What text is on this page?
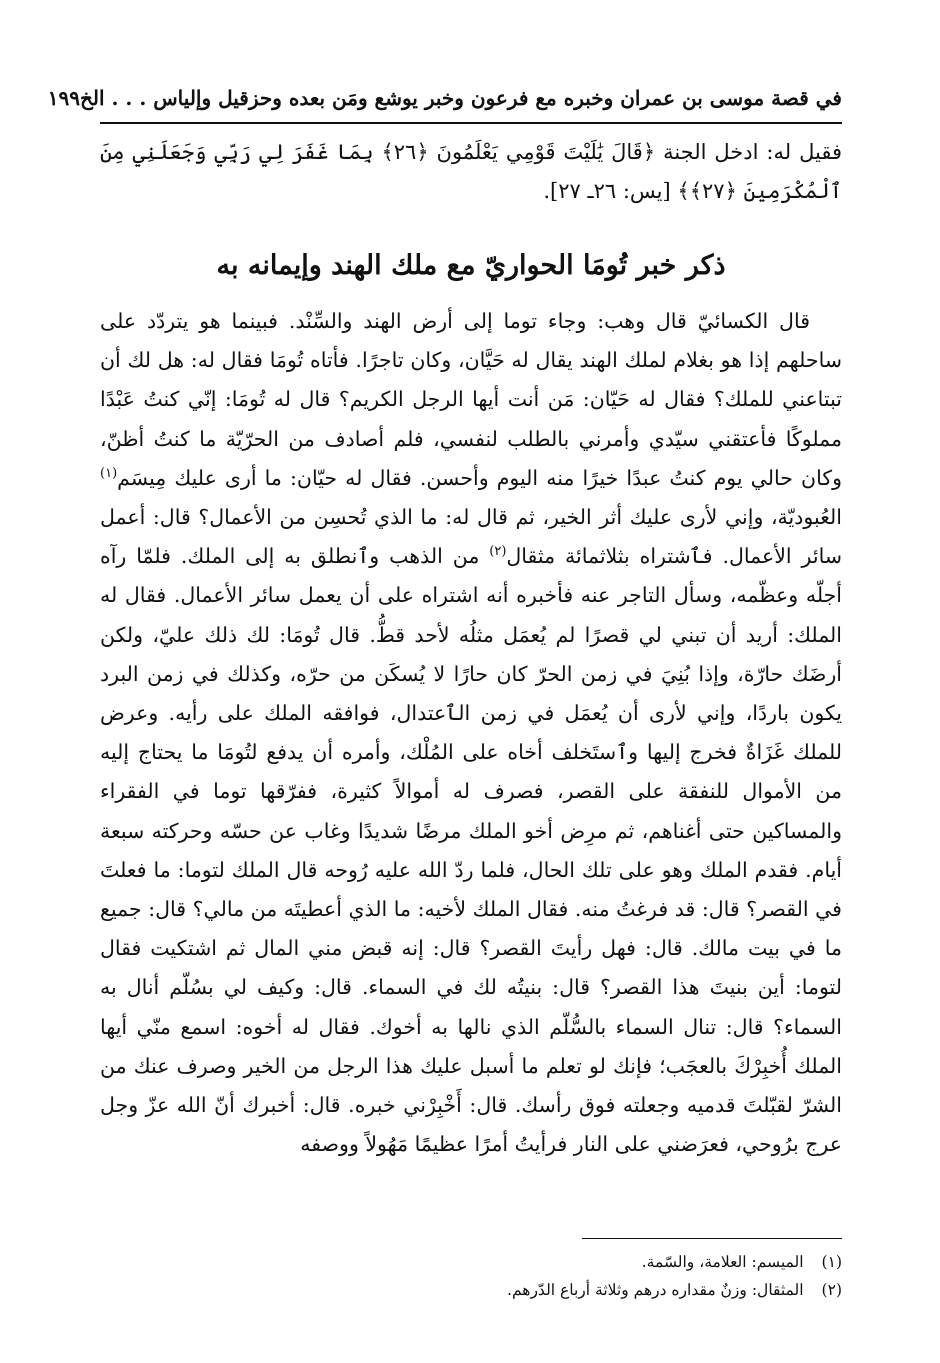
في قصة موسى بن عمران وخبره مع فرعون وخبر يوشع ومَن بعده وحزقيل وإلياس . . . الخ
١٩٩
فقيل له: ادخل الجنة ﴿قَالَ يَٰلَيْتَ قَوْمِي يَعْلَمُونَ ﴿٢٦﴾ بِمَا غَفَرَ لِي رَبِّي وَجَعَلَنِي مِنَ ٱلْمُكْرَمِينَ ﴿٢٧﴾﴾ [يس: ٢٦ـ ٢٧].
ذكر خبر تُومَا الحواريّ مع ملك الهند وإيمانه به

قال الكسائيّ قال وهب: وجاء توما إلى أرض الهند والسِّنْد. فبينما هو يتردّد على ساحلهم إذا هو بغلام لملك الهند يقال له حَيَّان، وكان تاجرًا. فأتاه تُومَا فقال له: هل لك أن تبتاعني للملك؟ فقال له حَيّان: مَن أنت أيها الرجل الكريم؟ قال له تُومَا: إنّي كنتُ عَبْدًا مملوكًا فأعتقني سيّدي وأمرني بالطلب لنفسي، فلم أصادف من الحرّيّة ما كنتُ أظنّ، وكان حالي يوم كنتُ عبدًا خيرًا منه اليوم وأحسن. فقال له حيّان: ما أرى عليك مِيسَم$^{(١)}$ العُبوديّة، وإني لأرى عليك أثر الخير، ثم قال له: ما الذي تُحسِن من الأعمال؟ قال: أعمل سائر الأعمال. فٱشتراه بثلاثمائة مثقال$^{(٢)}$ من الذهب وٱنطلق به إلى الملك. فلمّا رآه أجلّه وعظّمه، وسأل التاجر عنه فأخبره أنه اشتراه على أن يعمل سائر الأعمال. فقال له الملك: أريد أن تبني لي قصرًا لم يُعمَل مثلُه لأحد قطُّ. قال تُومَا: لك ذلك عليّ، ولكن أرضَك حارّة، وإذا بُنِيَ في زمن الحرّ كان حارًا لا يُسكَن من حرّه، وكذلك في زمن البرد يكون باردًا، وإني لأرى أن يُعمَل في زمن الٱعتدال، فوافقه الملك على رأيه. وعرض للملك غَزَاةٌ فخرج إليها وٱستَخلف أخاه على المُلْك، وأمره أن يدفع لتُومَا ما يحتاج إليه من الأموال للنفقة على القصر، فصرف له أموالاً كثيرة، ففرّقها توما في الفقراء والمساكين حتى أغناهم، ثم مرِض أخو الملك مرضًا شديدًا وغاب عن حسّه وحركته سبعة أيام. فقدم الملك وهو على تلك الحال، فلما ردّ الله عليه رُوحه قال الملك لتوما: ما فعلتَ في القصر؟ قال: قد فرغتُ منه. فقال الملك لأخيه: ما الذي أعطيتَه من مالي؟ قال: جميع ما في بيت مالك. قال: فهل رأيتَ القصر؟ قال: إنه قبض مني المال ثم اشتكيت فقال لتوما: أين بنيتَ هذا القصر؟ قال: بنيتُه لك في السماء. قال: وكيف لي بسُلّم أنال به السماء؟ قال: تنال السماء بالسُّلّم الذي نالها به أخوك. فقال له أخوه: اسمع منّي أيها الملك أُخبِرْكَ بالعجَب؛ فإنك لو تعلم ما أسبل عليك هذا الرجل من الخير وصرف عنك من الشرّ لقبّلتَ قدميه وجعلته فوق رأسك. قال: أَخْبِرْني خبره. قال: أخبرك أنّ الله عزّ وجل عرج برُوحي، فعرَضني على النار فرأيتُ أمرًا عظيمًا مَهُولاً ووصفه

(١)
الميسم: العلامة، والسّمة.
(٢)
المثقال: وزنٌ مقداره درهم وثلاثة أرباع الدّرهم.
